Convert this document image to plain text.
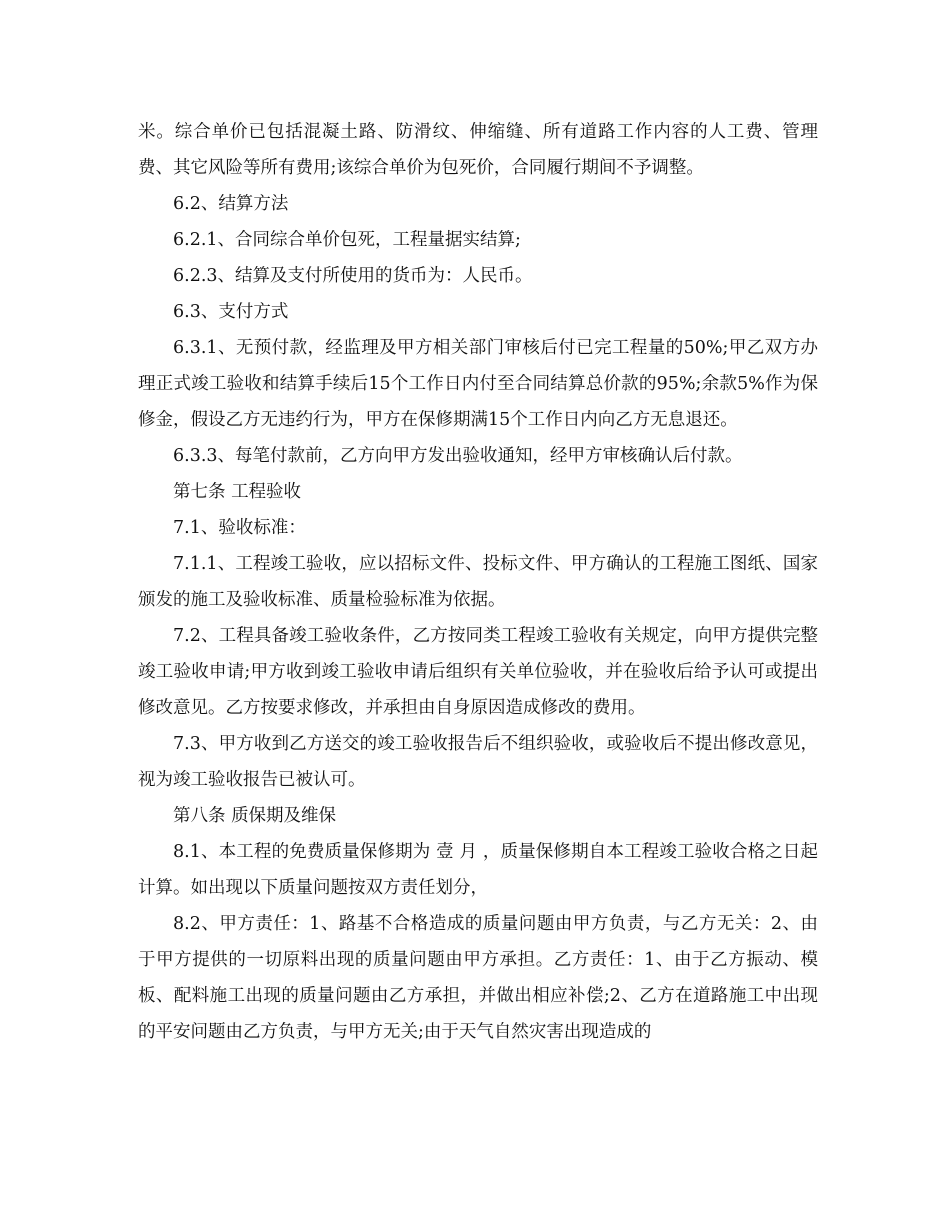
米。综合单价已包括混凝土路、防滑纹、伸缩缝、所有道路工作内容的人工费、管理费、其它风险等所有费用;该综合单价为包死价，合同履行期间不予调整。

6.2、结算方法

6.2.1、合同综合单价包死，工程量据实结算;

6.2.3、结算及支付所使用的货币为：人民币。

6.3、支付方式

6.3.1、无预付款，经监理及甲方相关部门审核后付已完工程量的50%;甲乙双方办理正式竣工验收和结算手续后15个工作日内付至合同结算总价款的95%;余款5%作为保修金，假设乙方无违约行为，甲方在保修期满15个工作日内向乙方无息退还。

6.3.3、每笔付款前，乙方向甲方发出验收通知，经甲方审核确认后付款。

第七条 工程验收

7.1、验收标准：

7.1.1、工程竣工验收，应以招标文件、投标文件、甲方确认的工程施工图纸、国家颁发的施工及验收标准、质量检验标准为依据。

7.2、工程具备竣工验收条件，乙方按同类工程竣工验收有关规定，向甲方提供完整竣工验收申请;甲方收到竣工验收申请后组织有关单位验收，并在验收后给予认可或提出修改意见。乙方按要求修改，并承担由自身原因造成修改的费用。

7.3、甲方收到乙方送交的竣工验收报告后不组织验收，或验收后不提出修改意见，视为竣工验收报告已被认可。

第八条 质保期及维保

8.1、本工程的免费质量保修期为 壹 月 ，质量保修期自本工程竣工验收合格之日起计算。如出现以下质量问题按双方责任划分，

8.2、甲方责任：1、路基不合格造成的质量问题由甲方负责，与乙方无关：2、由于甲方提供的一切原料出现的质量问题由甲方承担。乙方责任：1、由于乙方振动、模板、配料施工出现的质量问题由乙方承担，并做出相应补偿;2、乙方在道路施工中出现的平安问题由乙方负责，与甲方无关;由于天气自然灾害出现造成的
